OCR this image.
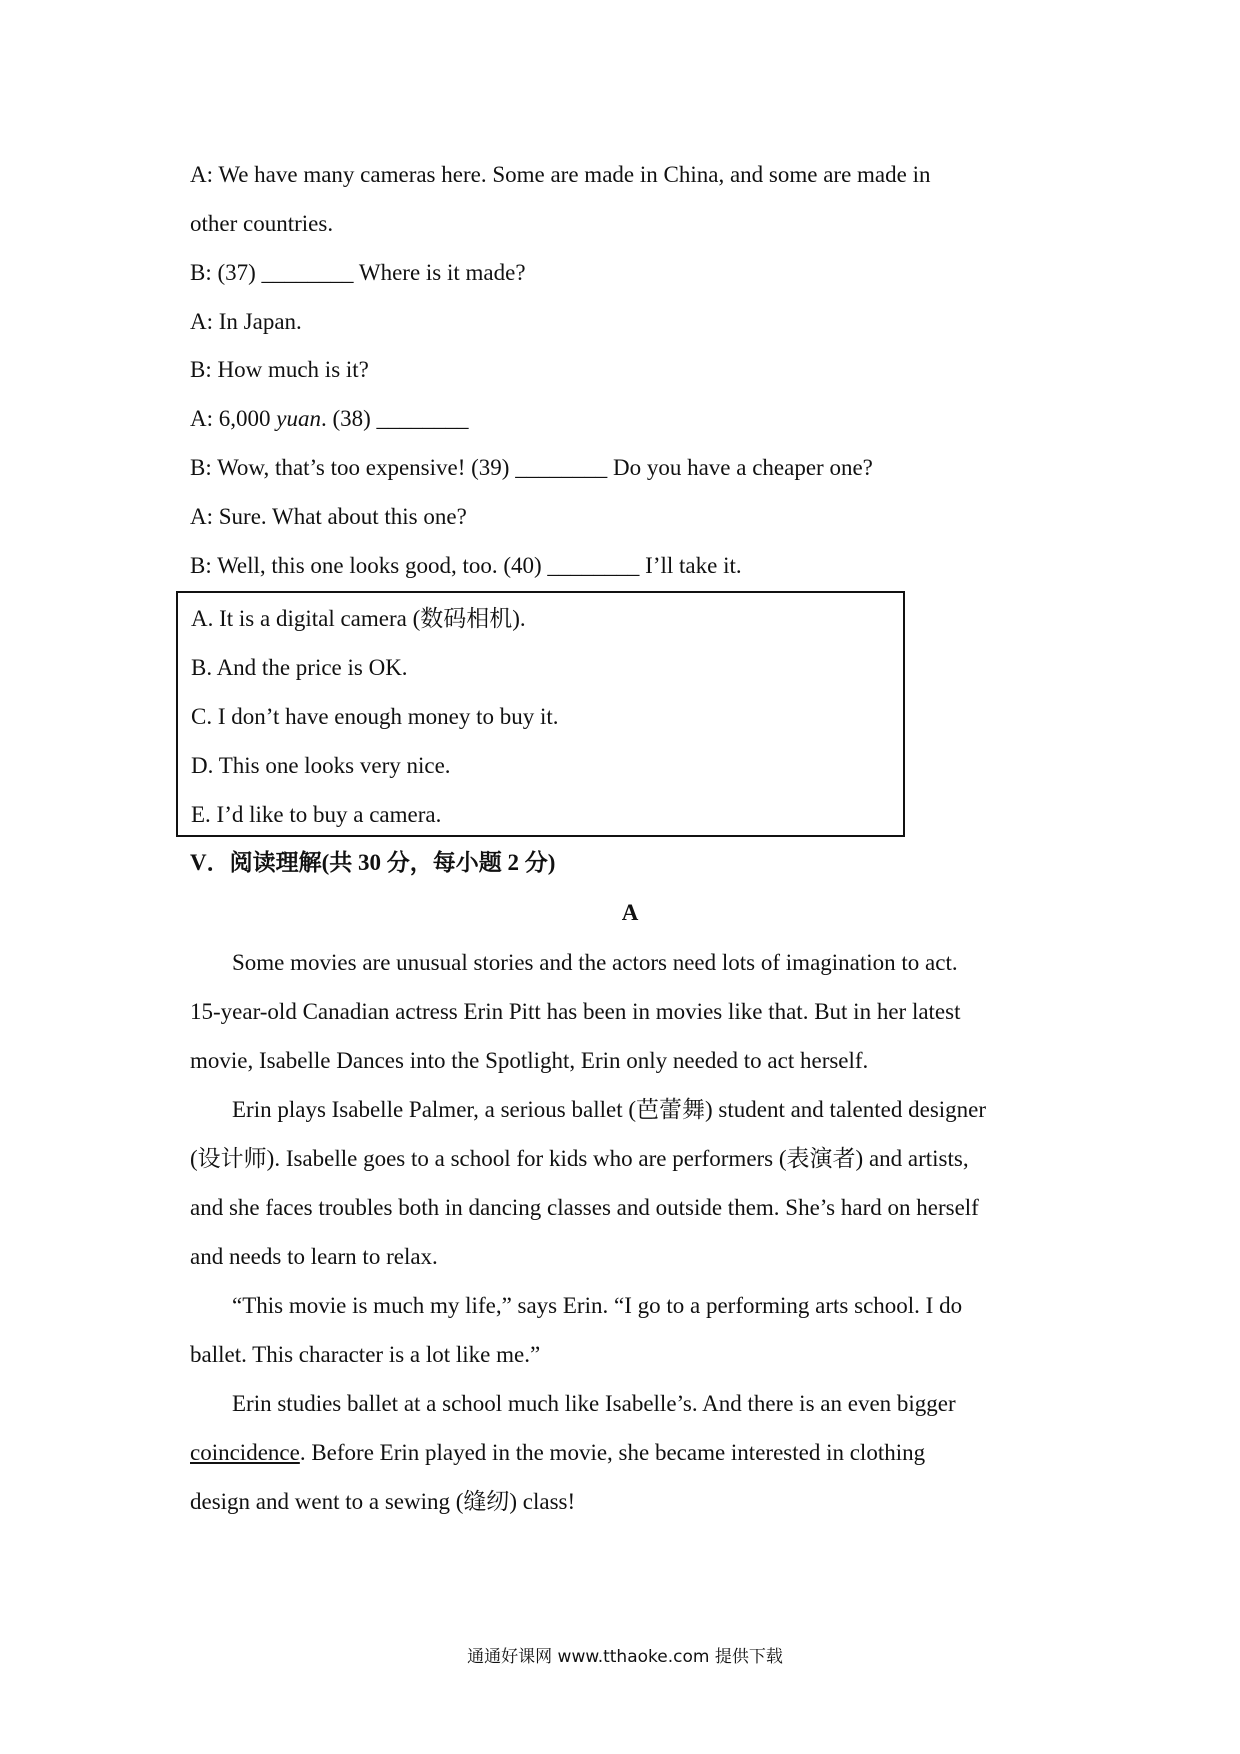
A: We have many cameras here. Some are made in China, and some are made in
other countries.
B: (37) ________ Where is it made?
A: In Japan.
B: How much is it?
A: 6,000 yuan. (38) ________
B: Wow, that’s too expensive! (39) ________ Do you have a cheaper one?
A: Sure. What about this one?
B: Well, this one looks good, too. (40) ________ I’ll take it.
A. It is a digital camera (数码相机).
B. And the price is OK.
C. I don’t have enough money to buy it.
D. This one looks very nice.
E. I’d like to buy a camera.
V．阅读理解(共 30 分，每小题 2 分)
A
Some movies are unusual stories and the actors need lots of imagination to act.
15-year-old Canadian actress Erin Pitt has been in movies like that. But in her latest
movie, Isabelle Dances into the Spotlight, Erin only needed to act herself.
Erin plays Isabelle Palmer, a serious ballet (芭蕾舞) student and talented designer
(设计师). Isabelle goes to a school for kids who are performers (表演者) and artists,
and she faces troubles both in dancing classes and outside them. She’s hard on herself
and needs to learn to relax.
“This movie is much my life,” says Erin. “I go to a performing arts school. I do
ballet. This character is a lot like me.”
Erin studies ballet at a school much like Isabelle’s. And there is an even bigger
coincidence. Before Erin played in the movie, she became interested in clothing
design and went to a sewing (缝纫) class!
通通好课网 www.tthaoke.com 提供下载
